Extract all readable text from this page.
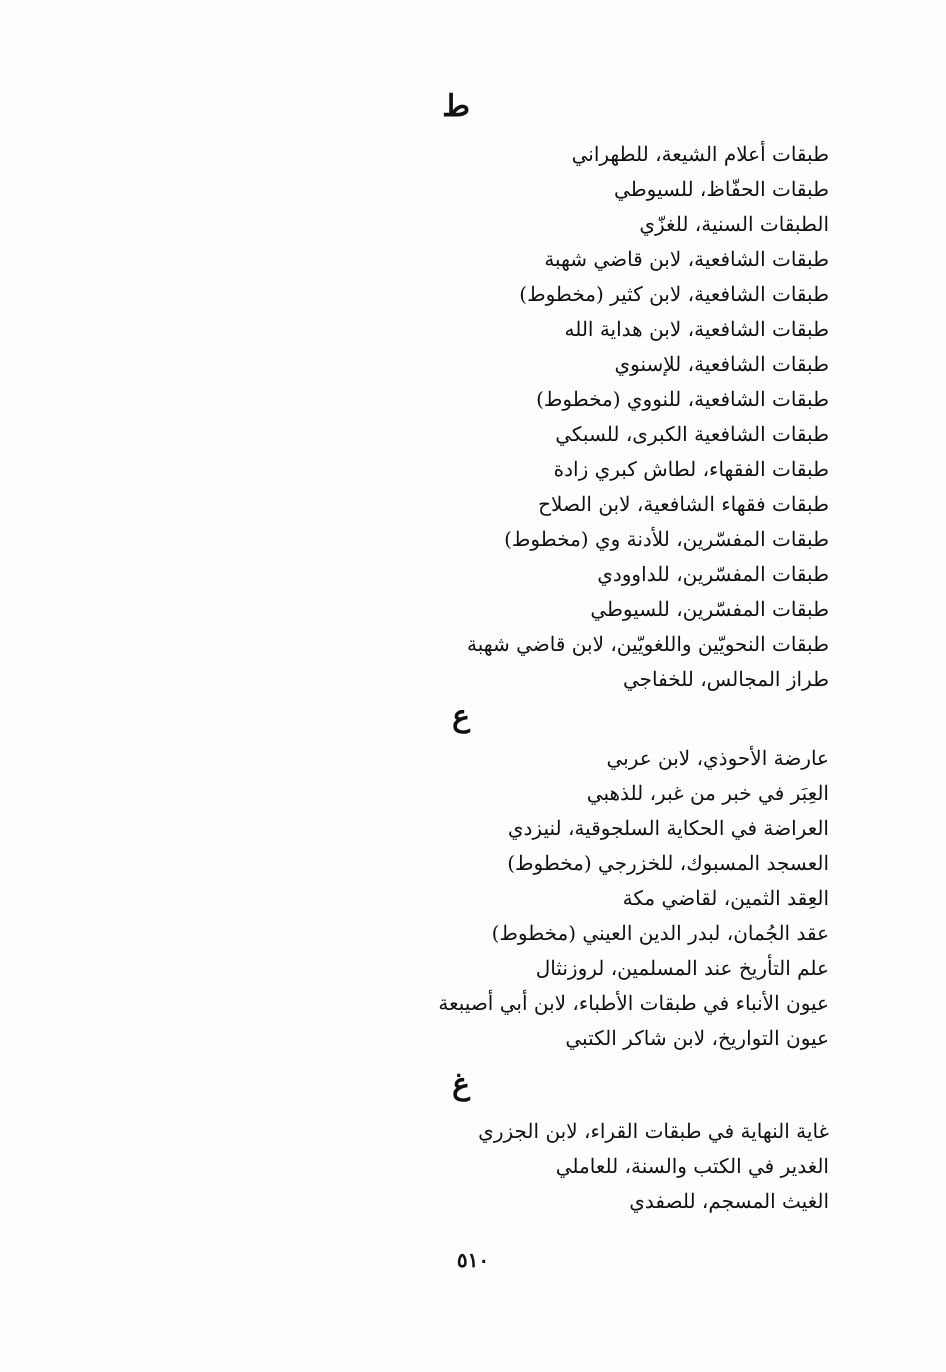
ط
طبقات أعلام الشيعة، للطهراني
طبقات الحفّاظ، للسيوطي
الطبقات السنية، للغزّي
طبقات الشافعية، لابن قاضي شهبة
طبقات الشافعية، لابن كثير (مخطوط)
طبقات الشافعية، لابن هداية الله
طبقات الشافعية، للإسنوي
طبقات الشافعية، للنووي (مخطوط)
طبقات الشافعية الكبرى، للسبكي
طبقات الفقهاء، لطاش كبري زادة
طبقات فقهاء الشافعية، لابن الصلاح
طبقات المفسّرين، للأدنة وي (مخطوط)
طبقات المفسّرين، للداوودي
طبقات المفسّرين، للسيوطي
طبقات النحويّين واللغويّين، لابن قاضي شهبة
طراز المجالس، للخفاجي
ع
عارضة الأحوذي، لابن عربي
العِبَر في خبر من غبر، للذهبي
العراضة في الحكاية السلجوقية، لنيزدي
العسجد المسبوك، للخزرجي (مخطوط)
العِقد الثمين، لقاضي مكة
عقد الجُمان، لبدر الدين العيني (مخطوط)
علم التأريخ عند المسلمين، لروزنثال
عيون الأنباء في طبقات الأطباء، لابن أبي أصيبعة
عيون التواريخ، لابن شاكر الكتبي
غ
غاية النهاية في طبقات القراء، لابن الجزري
الغدير في الكتب والسنة، للعاملي
الغيث المسجم، للصفدي
٥١٠
